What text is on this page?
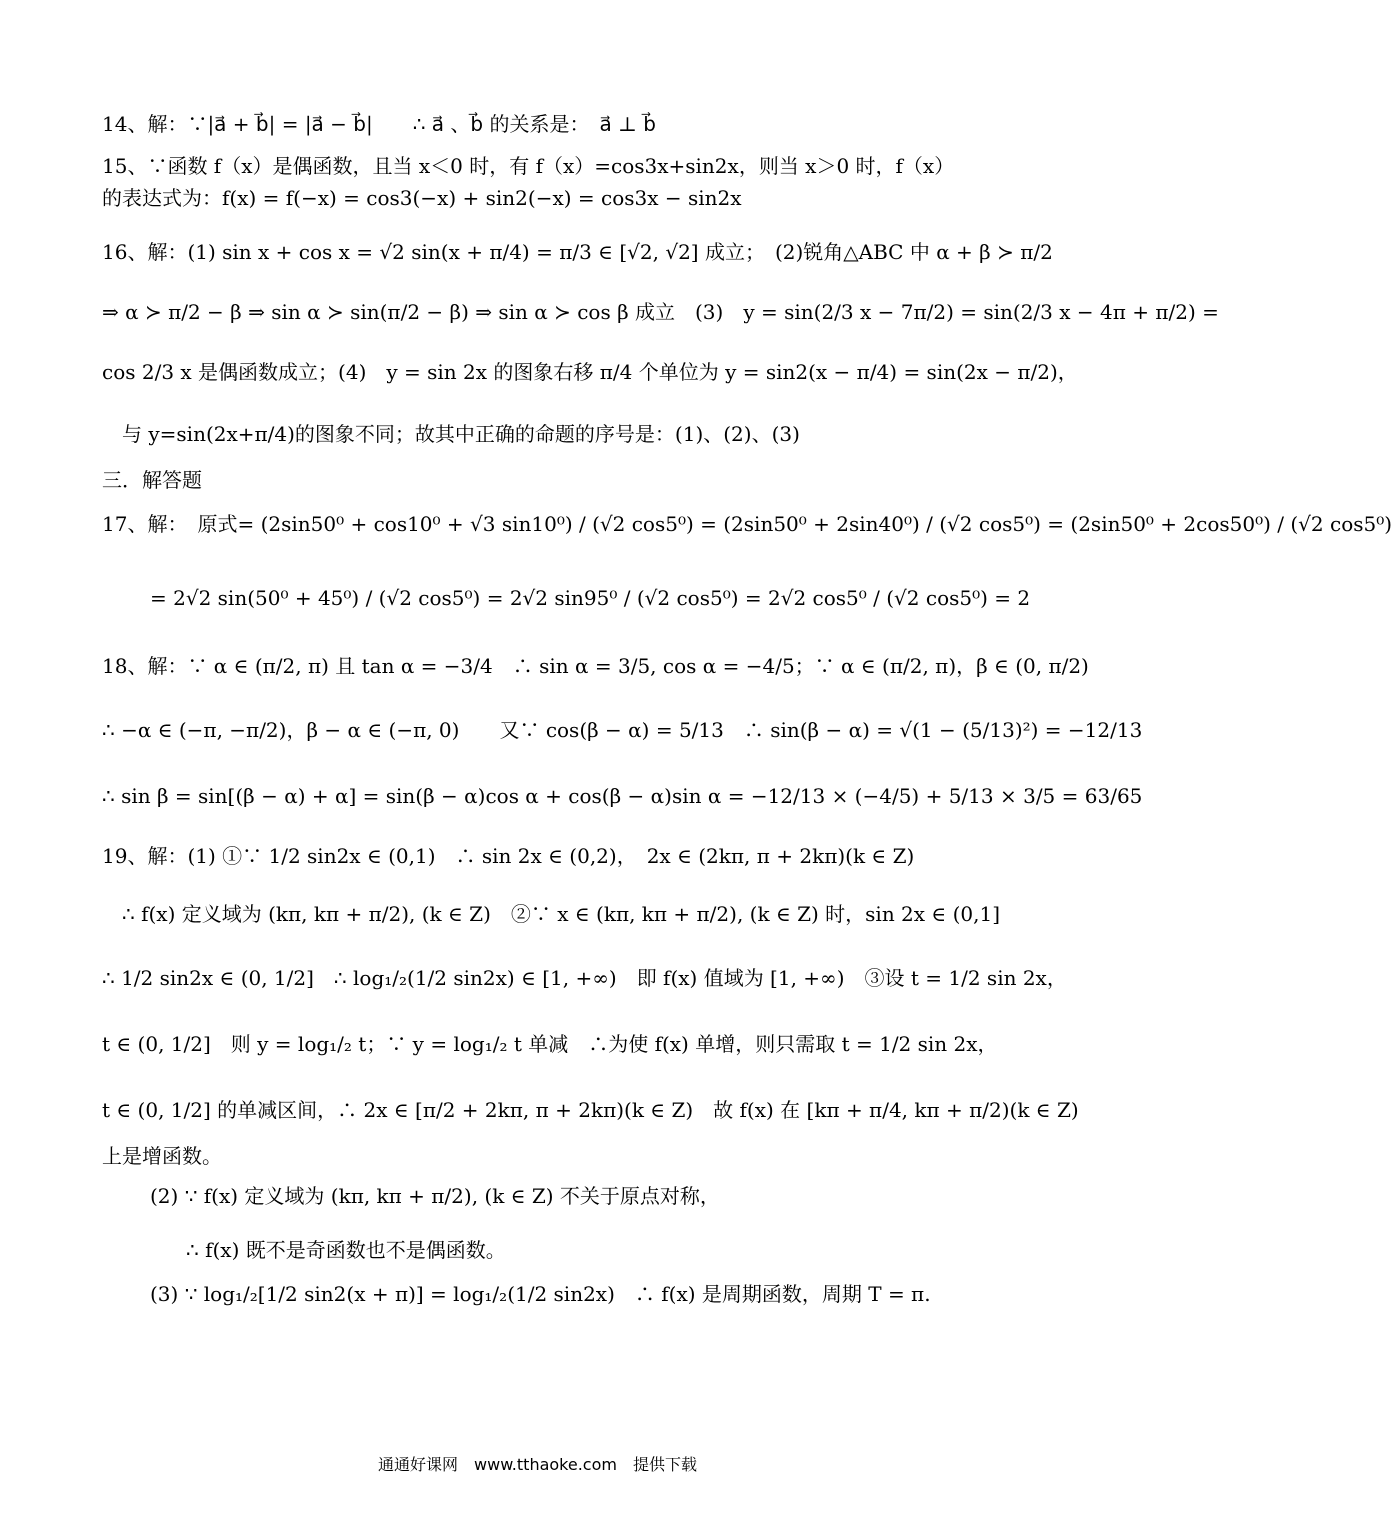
14、解：∵|a⃗ + b⃗| = |a⃗ − b⃗|　　∴ a⃗ 、b⃗ 的关系是：　a⃗ ⊥ b⃗
15、∵函数 f（x）是偶函数，且当 x＜0 时，有 f（x）=cos3x+sin2x，则当 x＞0 时，f（x）
的表达式为：f(x) = f(−x) = cos3(−x) + sin2(−x) = cos3x − sin2x
16、解：(1) sin x + cos x = √2 sin(x + π/4) = π/3 ∈ [√2, √2] 成立；　(2)锐角△ABC 中 α + β ≻ π/2
⇒ α ≻ π/2 − β ⇒ sin α ≻ sin(π/2 − β) ⇒ sin α ≻ cos β 成立　(3)　y = sin(2/3 x − 7π/2) = sin(2/3 x − 4π + π/2) =
cos 2/3 x 是偶函数成立；(4)　y = sin 2x 的图象右移 π/4 个单位为 y = sin2(x − π/4) = sin(2x − π/2)，
与 y=sin(2x+π/4)的图象不同；故其中正确的命题的序号是：(1)、(2)、(3)
三．解答题
17、解：　原式= (2sin50⁰ + cos10⁰ + √3 sin10⁰) / (√2 cos5⁰) = (2sin50⁰ + 2sin40⁰) / (√2 cos5⁰) = (2sin50⁰ + 2cos50⁰) / (√2 cos5⁰)
= 2√2 sin(50⁰ + 45⁰) / (√2 cos5⁰) = 2√2 sin95⁰ / (√2 cos5⁰) = 2√2 cos5⁰ / (√2 cos5⁰) = 2
18、解：∵ α ∈ (π/2, π) 且 tan α = −3/4　∴ sin α = 3/5, cos α = −4/5；∵ α ∈ (π/2, π)，β ∈ (0, π/2)
∴ −α ∈ (−π, −π/2)，β − α ∈ (−π, 0)　　又∵ cos(β − α) = 5/13　∴ sin(β − α) = √(1 − (5/13)²) = −12/13
∴ sin β = sin[(β − α) + α] = sin(β − α)cos α + cos(β − α)sin α = −12/13 × (−4/5) + 5/13 × 3/5 = 63/65
19、解：(1) ①∵ 1/2 sin2x ∈ (0,1)　∴ sin 2x ∈ (0,2)，　2x ∈ (2kπ, π + 2kπ)(k ∈ Z)
∴ f(x) 定义域为 (kπ, kπ + π/2), (k ∈ Z)　②∵ x ∈ (kπ, kπ + π/2), (k ∈ Z) 时，sin 2x ∈ (0,1]
∴ 1/2 sin2x ∈ (0, 1/2]　∴ log₁/₂(1/2 sin2x) ∈ [1, +∞)　即 f(x) 值域为 [1, +∞)　③设 t = 1/2 sin 2x，
t ∈ (0, 1/2]　则 y = log₁/₂ t；∵ y = log₁/₂ t 单减　∴为使 f(x) 单增，则只需取 t = 1/2 sin 2x，
t ∈ (0, 1/2] 的单减区间，∴ 2x ∈ [π/2 + 2kπ, π + 2kπ)(k ∈ Z)　故 f(x) 在 [kπ + π/4, kπ + π/2)(k ∈ Z)
上是增函数。
(2) ∵ f(x) 定义域为 (kπ, kπ + π/2), (k ∈ Z) 不关于原点对称，
∴ f(x) 既不是奇函数也不是偶函数。
(3) ∵ log₁/₂[1/2 sin2(x + π)] = log₁/₂(1/2 sin2x)　∴ f(x) 是周期函数，周期 T = π.
通通好课网　www.tthaoke.com　提供下载
